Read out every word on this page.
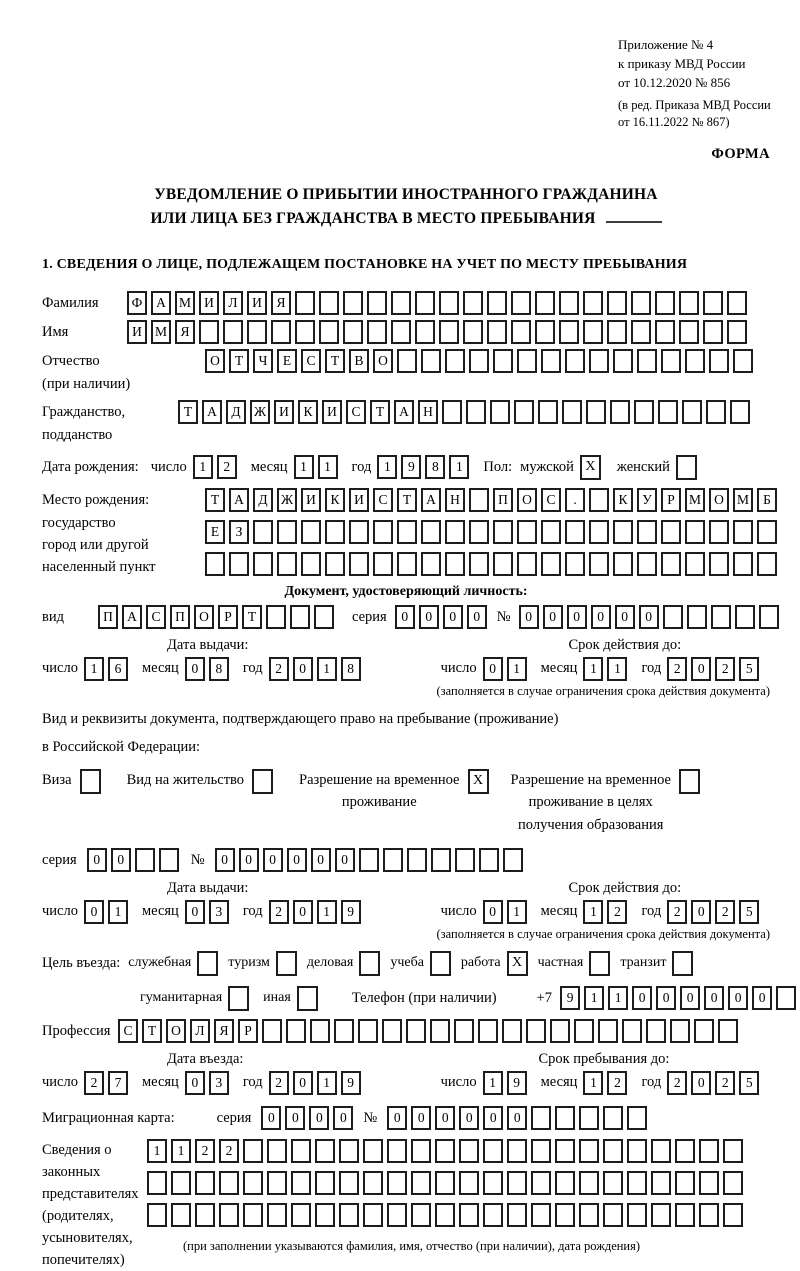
Приложение № 4
к приказу МВД России
от 10.12.2020 № 856
(в ред. Приказа МВД России
от 16.11.2022 № 867)
ФОРМА
УВЕДОМЛЕНИЕ О ПРИБЫТИИ ИНОСТРАННОГО ГРАЖДАНИНА
ИЛИ ЛИЦА БЕЗ ГРАЖДАНСТВА В МЕСТО ПРЕБЫВАНИЯ
1. СВЕДЕНИЯ О ЛИЦЕ, ПОДЛЕЖАЩЕМ ПОСТАНОВКЕ НА УЧЕТ ПО МЕСТУ ПРЕБЫВАНИЯ
Фамилия	Ф	А М И	Л	И	Я
Имя	И М Я
Отчество
(при наличии)
О	Т	Ч	Е	С	Т	В	О
Гражданство,
подданство
Т	А	Д Ж И	К	И	С	Т	А	Н
Дата рождения: число 1	2	месяц 1	1	год 1	9	8	1	Пол: мужской X	женский
Место рождения:
государство
город или другой
населенный пункт
Т	А	Д Ж И	К	И	С	Т	А	Н	П	О	С	.	К	У	Р	М О М	Б
Е	З
Документ, удостоверяющий личность:
вид	П	А	С	П	О	Р	Т	серия	0	0	0	0	№	0	0	0	0	0	0
Дата выдачи:	Срок действия до:
число 1	6	месяц 0	8	год 2	0	1	8	число 0	1	месяц 1	1	год 2	0	2	5
(заполняется в случае ограничения срока действия документа)
Вид и реквизиты документа, подтверждающего право на пребывание (проживание)
в Российской Федерации:
Виза	Вид на жительство	Разрешение на временное
проживание
X	Разрешение на временное
проживание в целях
получения образования
серия	0	0	№	0	0	0	0	0	0
Дата выдачи:	Срок действия до:
число 0	1	месяц 0	3	год 2	0	1	9	число 0	1	месяц 1	2	год 2	0	2	5
(заполняется в случае ограничения срока действия документа)
Цель въезда: служебная	туризм	деловая	учеба	работа X	частная	транзит
гуманитарная	иная	Телефон (при наличии)	+7	9	1	1	0	0	0	0	0	0
Профессия С	Т	О	Л	Я	Р
Дата въезда:	Срок пребывания до:
число 2	7	месяц 0	3	год 2	0	1	9	число 1	9	месяц 1	2	год 2	0	2	5
Миграционная карта:	серия	0	0	0	0	№	0	0	0	0	0	0
Сведения о
законных
представителях
(родителях,
усыновителях,
попечителях)
1	1	2	2
(при заполнении указываются фамилия, имя, отчество (при наличии), дата рождения)
